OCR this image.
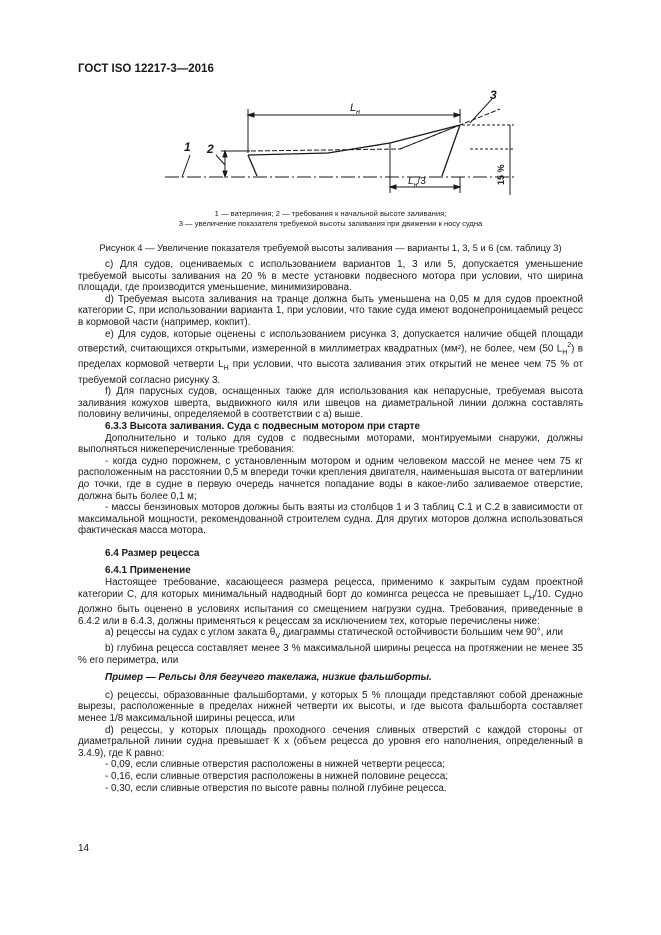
ГОСТ ISO 12217-3—2016
1 2
3
$L_н$
$L_н/3$	15 %
1 — ватерлиния; 2 — требования к начальной высоте заливания;
3 — увеличение показателя требуемой высоты заливания при движении к носу судна
Рисунок 4 — Увеличение показателя требуемой высоты заливания — варианты 1, 3, 5 и 6 (см. таблицу 3)

c) Для судов, оцениваемых с использованием вариантов 1, 3 или 5, допускается уменьшение требуемой высоты заливания на 20 % в месте установки подвесного мотора при условии, что ширина площади, где производится уменьшение, минимизирована.

d) Требуемая высота заливания на транце должна быть уменьшена на 0,05 м для судов проектной категории С, при использовании варианта 1, при условии, что такие суда имеют водонепроницаемый рецесс в кормовой части (например, кокпит).

e) Для судов, которые оценены с использованием рисунка 3, допускается наличие общей площади отверстий, считающихся открытыми, измеренной в миллиметрах квадратных (мм²), не более, чем (50 $L_H^2$) в пределах кормовой четверти $L_H$ при условии, что высота заливания этих открытий не менее чем 75 % от требуемой согласно рисунку 3.

f) Для парусных судов, оснащенных также для использования как непарусные, требуемая высота заливания кожухов шверта, выдвижного киля или швецов на диаметральной линии должна составлять половину величины, определяемой в соответствии с а) выше.

6.3.3 Высота заливания. Суда с подвесным мотором при старте

Дополнительно и только для судов с подвесными моторами, монтируемыми снаружи, должны выполняться нижеперечисленные требования:

- когда судно порожнем, с установленным мотором и одним человеком массой не менее чем 75 кг расположенным на расстоянии 0,5 м впереди точки крепления двигателя, наименьшая высота от ватерлинии до точки, где в судне в первую очередь начнется попадание воды в какое-либо заливаемое отверстие, должна быть более 0,1 м;

- массы бензиновых моторов должны быть взяты из столбцов 1 и 3 таблиц С.1 и С.2 в зависимости от максимальной мощности, рекомендованной строителем судна. Для других моторов должна использоваться фактическая масса мотора.

6.4 Размер рецесса

6.4.1 Применение

Настоящее требование, касающееся размера рецесса, применимо к закрытым судам проектной категории С, для которых минимальный надводный борт до комингса рецесса не превышает $L_H/10$. Судно должно быть оценено в условиях испытания со смещением нагрузки судна. Требования, приведенные в 6.4.2 или в 6.4.3, должны применяться к рецессам за исключением тех, которые перечислены ниже:

a) рецессы на судах с углом заката $\theta_V$ диаграммы статической остойчивости большим чем 90°, или

b) глубина рецесса составляет менее 3 % максимальной ширины рецесса на протяжении не менее 35 % его периметра, или

Пример — Рельсы для бегучего такелажа, низкие фальшборты.

c) рецессы, образованные фальшбортами, у которых 5 % площади представляют собой дренажные вырезы, расположенные в пределах нижней четверти их высоты, и где высота фальшборта составляет менее 1/8 максимальной ширины рецесса, или

d) рецессы, у которых площадь проходного сечения сливных отверстий с каждой стороны от диаметральной линии судна превышает К х (объем рецесса до уровня его наполнения, определенный в 3.4.9), где К равно:

- 0,09, если сливные отверстия расположены в нижней четверти рецесса;

- 0,16, если сливные отверстия расположены в нижней половине рецесса;

- 0,30, если сливные отверстия по высоте равны полной глубине рецесса.

14
